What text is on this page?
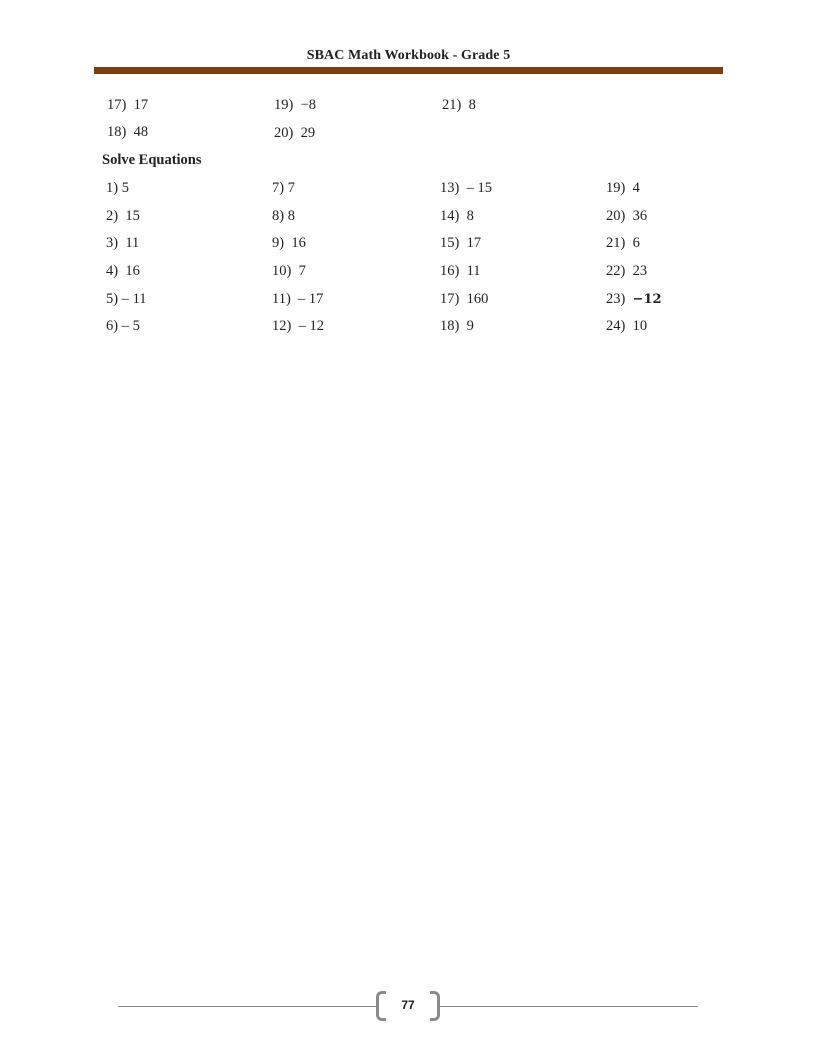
SBAC Math Workbook - Grade 5
17) 17
18) 48
19) −8
20) 29
21) 8
Solve Equations
1) 5
2) 15
3) 11
4) 16
5) – 11
6) – 5
7) 7
8) 8
9) 16
10) 7
11) – 17
12) – 12
13) – 15
14) 8
15) 17
16) 11
17) 160
18) 9
19) 4
20) 36
21) 6
22) 23
23) −12
24) 10
77
